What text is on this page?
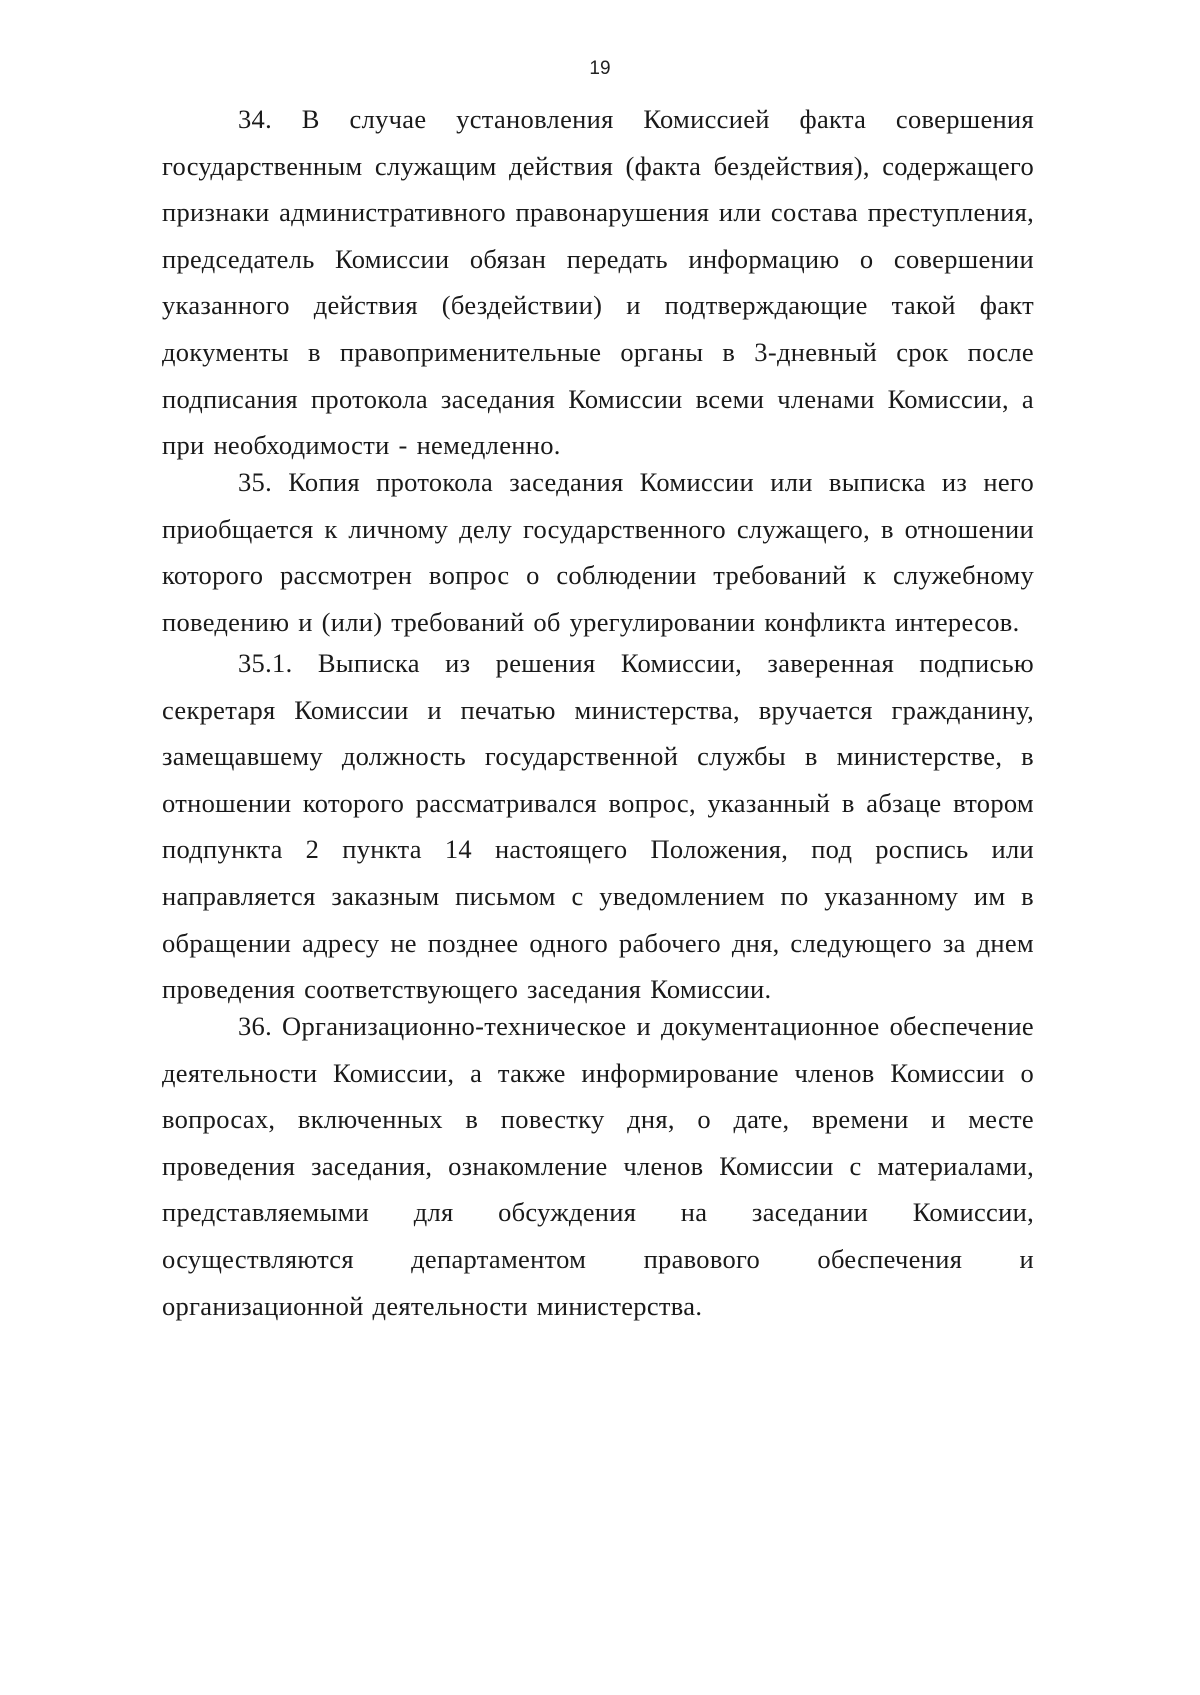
19

34. В случае установления Комиссией факта совершения государственным служащим действия (факта бездействия), содержащего признаки административного правонарушения или состава преступления, председатель Комиссии обязан передать информацию о совершении указанного действия (бездействии) и подтверждающие такой факт документы в правоприменительные органы в 3-дневный срок после подписания протокола заседания Комиссии всеми членами Комиссии, а при необходимости - немедленно.

35. Копия протокола заседания Комиссии или выписка из него приобщается к личному делу государственного служащего, в отношении которого рассмотрен вопрос о соблюдении требований к служебному поведению и (или) требований об урегулировании конфликта интересов.

35.1. Выписка из решения Комиссии, заверенная подписью секретаря Комиссии и печатью министерства, вручается гражданину, замещавшему должность государственной службы в министерстве, в отношении которого рассматривался вопрос, указанный в абзаце втором подпункта 2 пункта 14 настоящего Положения, под роспись или направляется заказным письмом с уведомлением по указанному им в обращении адресу не позднее одного рабочего дня, следующего за днем проведения соответствующего заседания Комиссии.

36. Организационно-техническое и документационное обеспечение деятельности Комиссии, а также информирование членов Комиссии о вопросах, включенных в повестку дня, о дате, времени и месте проведения заседания, ознакомление членов Комиссии с материалами, представляемыми для обсуждения на заседании Комиссии, осуществляются департаментом правового обеспечения и организационной деятельности министерства.
